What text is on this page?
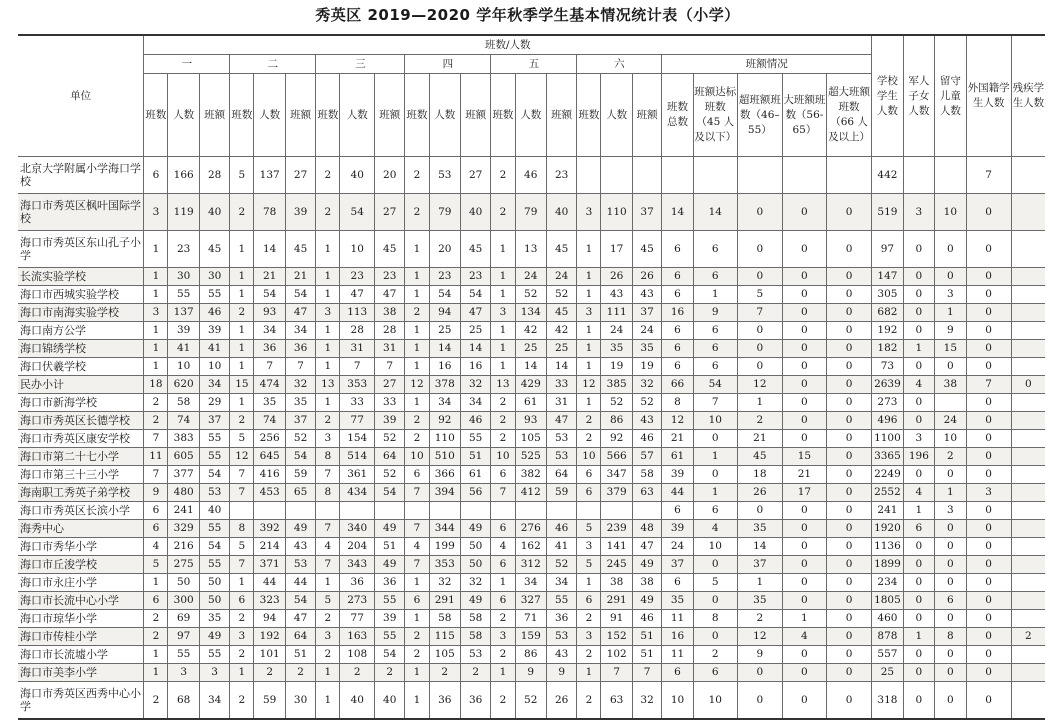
秀英区 2019—2020 学年秋季学生基本情况统计表（小学）
单位	班数/人数																							学校学生人数	军人子女人数	留守儿童人数	外国籍学生人数	残疾学生人数
	一			二			三			四			五			六			班额情况									
	班数	人数	班额	班数	人数	班额	班数	人数	班额	班数	人数	班额	班数	人数	班额	班数	人数	班额	班数总数	班额达标班数（45 人及以下）	超班额班数（46–55）	大班额班数（56-65）	超大班额班数（66 人及以上）					
北京大学附属小学海口学校	6	166	28	5	137	27	2	40	20	2	53	27	2	46	23									442			7	
海口市秀英区枫叶国际学校	3	119	40	2	78	39	2	54	27	2	79	40	2	79	40	3	110	37	14	14	0	0	0	519	3	10	0	
海口市秀英区东山孔子小学	1	23	45	1	14	45	1	10	45	1	20	45	1	13	45	1	17	45	6	6	0	0	0	97	0	0	0	
长流实验学校	1	30	30	1	21	21	1	23	23	1	23	23	1	24	24	1	26	26	6	6	0	0	0	147	0	0	0	
海口市西城实验学校	1	55	55	1	54	54	1	47	47	1	54	54	1	52	52	1	43	43	6	1	5	0	0	305	0	3	0	
海口市南海实验学校	3	137	46	2	93	47	3	113	38	2	94	47	3	134	45	3	111	37	16	9	7	0	0	682	0	1	0	
海口南方公学	1	39	39	1	34	34	1	28	28	1	25	25	1	42	42	1	24	24	6	6	0	0	0	192	0	9	0	
海口锦绣学校	1	41	41	1	36	36	1	31	31	1	14	14	1	25	25	1	35	35	6	6	0	0	0	182	1	15	0	
海口伏羲学校	1	10	10	1	7	7	1	7	7	1	16	16	1	14	14	1	19	19	6	6	0	0	0	73	0	0	0	
民办小计	18	620	34	15	474	32	13	353	27	12	378	32	13	429	33	12	385	32	66	54	12	0	0	2639	4	38	7	0
海口市新海学校	2	58	29	1	35	35	1	33	33	1	34	34	2	61	31	1	52	52	8	7	1	0	0	273	0		0	
海口市秀英区长德学校	2	74	37	2	74	37	2	77	39	2	92	46	2	93	47	2	86	43	12	10	2	0	0	496	0	24	0	
海口市秀英区康安学校	7	383	55	5	256	52	3	154	52	2	110	55	2	105	53	2	92	46	21	0	21	0	0	1100	3	10	0	
海口市第二十七小学	11	605	55	12	645	54	8	514	64	10	510	51	10	525	53	10	566	57	61	1	45	15	0	3365	196	2	0	
海口市第三十三小学	7	377	54	7	416	59	7	361	52	6	366	61	6	382	64	6	347	58	39	0	18	21	0	2249	0	0	0	
海南职工秀英子弟学校	9	480	53	7	453	65	8	434	54	7	394	56	7	412	59	6	379	63	44	1	26	17	0	2552	4	1	3	
海口市秀英区长滨小学	6	241	40																6	6	0	0	0	241	1	3	0	
海秀中心	6	329	55	8	392	49	7	340	49	7	344	49	6	276	46	5	239	48	39	4	35	0	0	1920	6	0	0	
海口市秀华小学	4	216	54	5	214	43	4	204	51	4	199	50	4	162	41	3	141	47	24	10	14	0	0	1136	0	0	0	
海口市丘浚学校	5	275	55	7	371	53	7	343	49	7	353	50	6	312	52	5	245	49	37	0	37	0	0	1899	0	0	0	
海口市永庄小学	1	50	50	1	44	44	1	36	36	1	32	32	1	34	34	1	38	38	6	5	1	0	0	234	0	0	0	
海口市长流中心小学	6	300	50	6	323	54	5	273	55	6	291	49	6	327	55	6	291	49	35	0	35	0	0	1805	0	6	0	
海口市琼华小学	2	69	35	2	94	47	2	77	39	1	58	58	2	71	36	2	91	46	11	8	2	1	0	460	0	0	0	
海口市传桂小学	2	97	49	3	192	64	3	163	55	2	115	58	3	159	53	3	152	51	16	0	12	4	0	878	1	8	0	2
海口市长流墟小学	1	55	55	2	101	51	2	108	54	2	105	53	2	86	43	2	102	51	11	2	9	0	0	557	0	0	0	
海口市美李小学	1	3	3	1	2	2	1	2	2	1	2	2	1	9	9	1	7	7	6	6	0	0	0	25	0	0	0	
海口市秀英区西秀中心小学	2	68	34	2	59	30	1	40	40	1	36	36	2	52	26	2	63	32	10	10	0	0	0	318	0	0	0	
